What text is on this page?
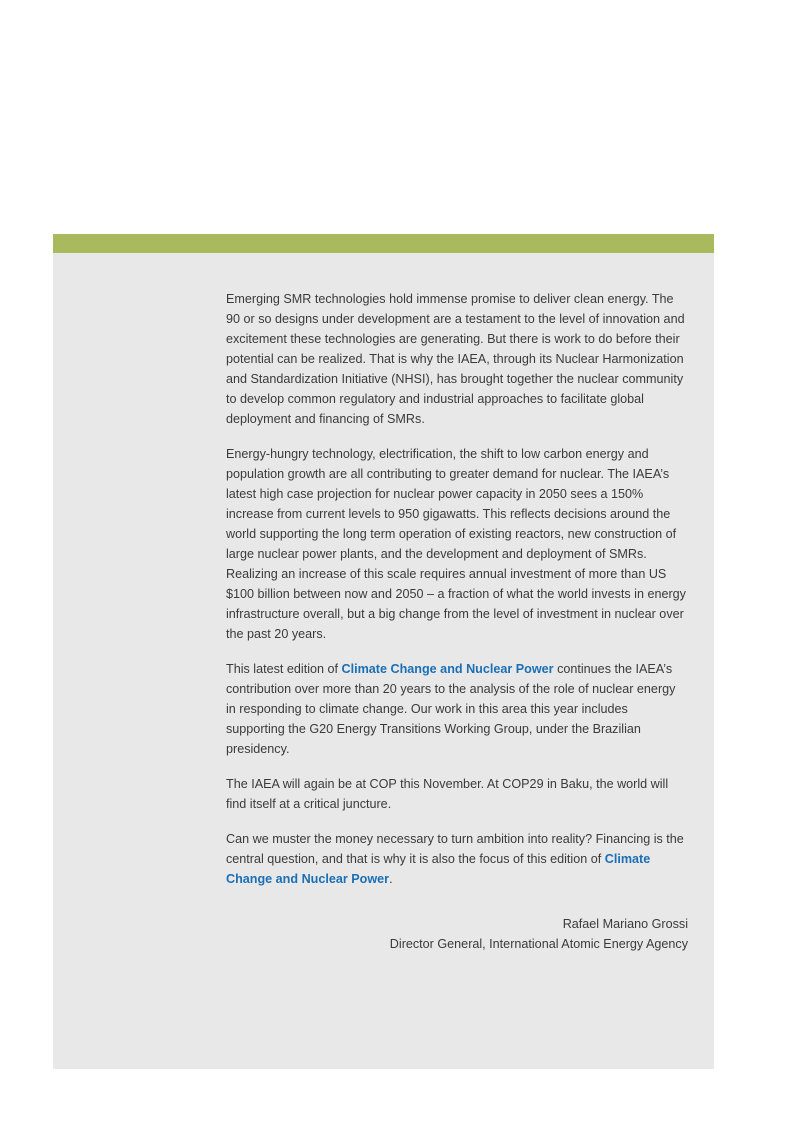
Emerging SMR technologies hold immense promise to deliver clean energy. The 90 or so designs under development are a testament to the level of innovation and excitement these technologies are generating. But there is work to do before their potential can be realized. That is why the IAEA, through its Nuclear Harmonization and Standardization Initiative (NHSI), has brought together the nuclear community to develop common regulatory and industrial approaches to facilitate global deployment and financing of SMRs.

Energy-hungry technology, electrification, the shift to low carbon energy and population growth are all contributing to greater demand for nuclear. The IAEA’s latest high case projection for nuclear power capacity in 2050 sees a 150% increase from current levels to 950 gigawatts. This reflects decisions around the world supporting the long term operation of existing reactors, new construction of large nuclear power plants, and the development and deployment of SMRs. Realizing an increase of this scale requires annual investment of more than US $100 billion between now and 2050 – a fraction of what the world invests in energy infrastructure overall, but a big change from the level of investment in nuclear over the past 20 years.

This latest edition of Climate Change and Nuclear Power continues the IAEA’s contribution over more than 20 years to the analysis of the role of nuclear energy in responding to climate change. Our work in this area this year includes supporting the G20 Energy Transitions Working Group, under the Brazilian presidency.

The IAEA will again be at COP this November. At COP29 in Baku, the world will find itself at a critical juncture.

Can we muster the money necessary to turn ambition into reality? Financing is the central question, and that is why it is also the focus of this edition of Climate Change and Nuclear Power.

Rafael Mariano Grossi
Director General, International Atomic Energy Agency
